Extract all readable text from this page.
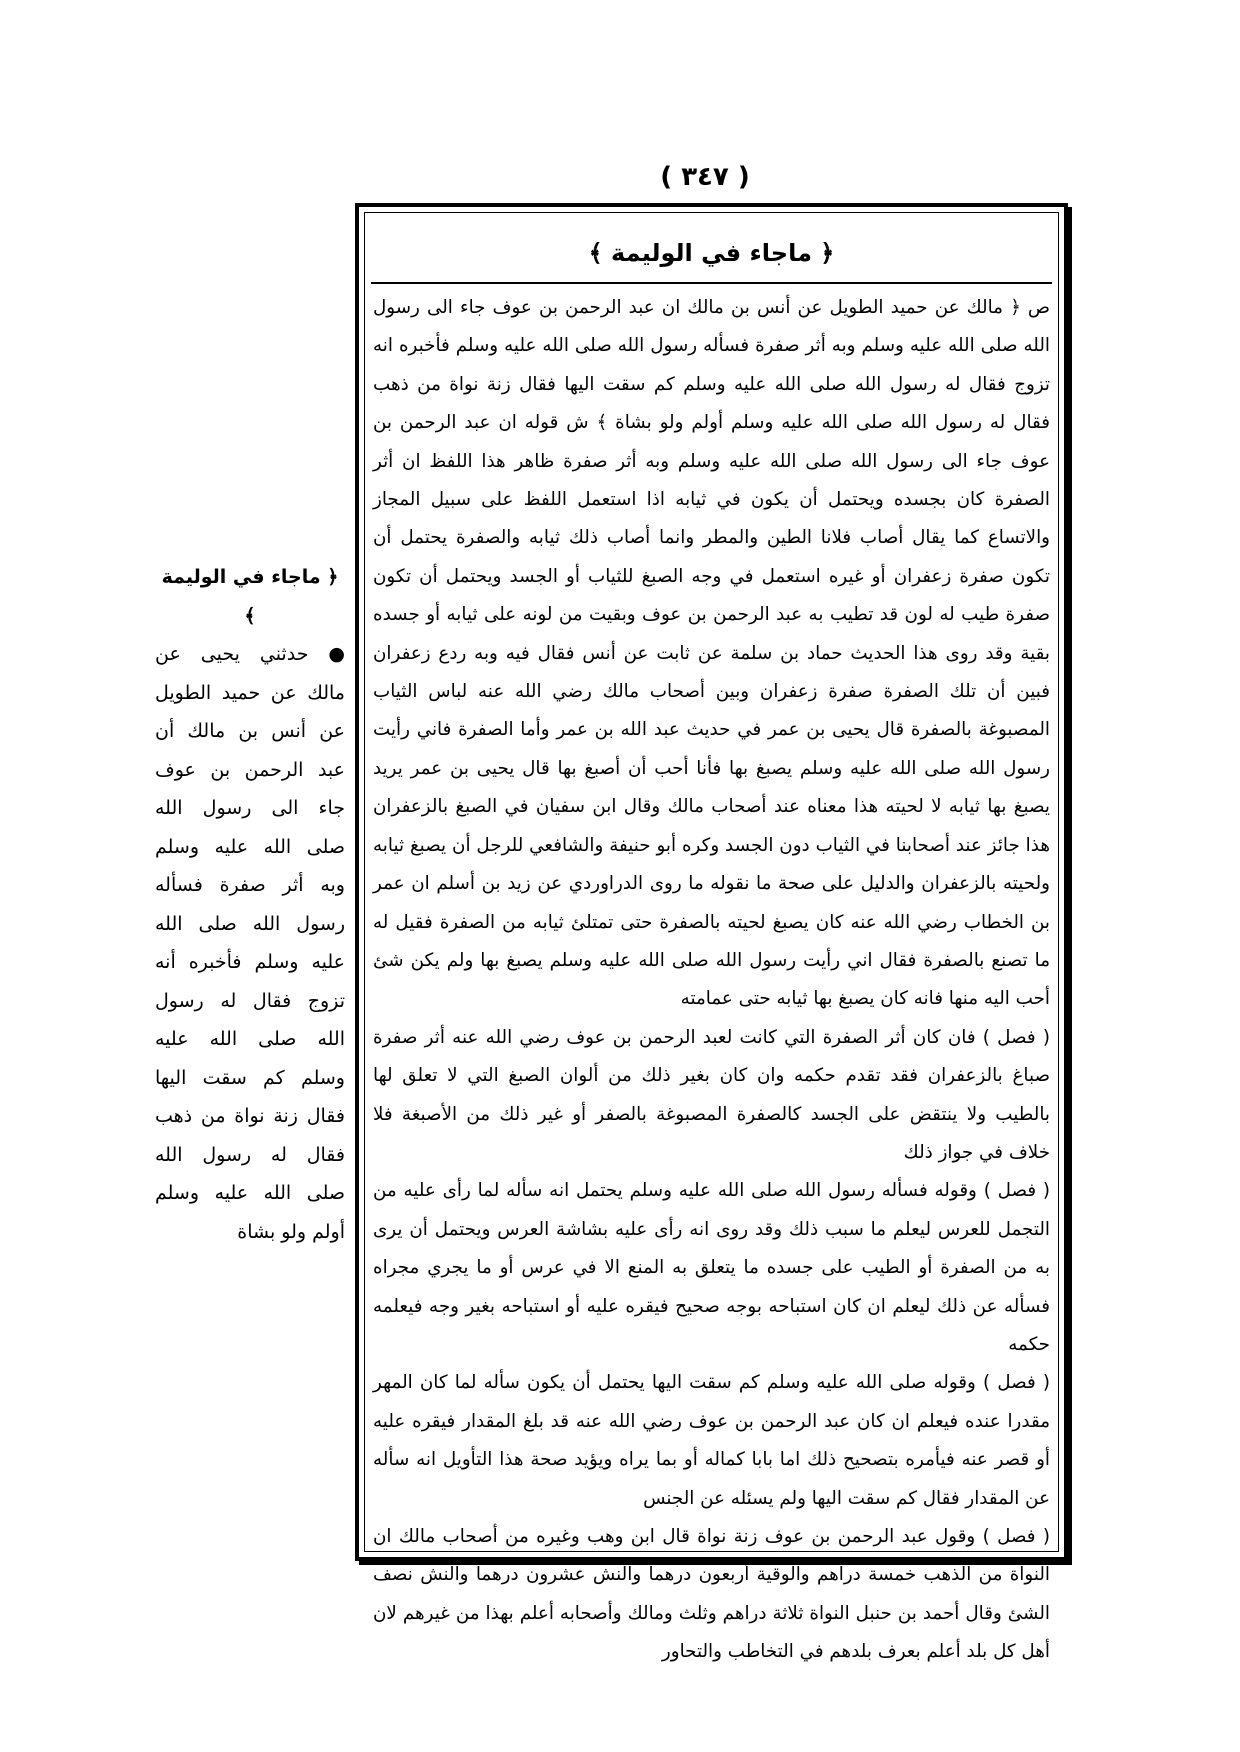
( ٣٤٧ )
﴿ ماجاء في الوليمة ﴾

● حدثني يحيى عن مالك عن حميد الطويل عن أنس بن مالك أن عبد الرحمن بن عوف جاء الى رسول الله صلى الله عليه وسلم وبه أثر صفرة فسأله رسول الله صلى الله عليه وسلم فأخبره أنه تزوج فقال له رسول الله صلى الله عليه وسلم كم سقت اليها فقال زنة نواة من ذهب فقال له رسول الله صلى الله عليه وسلم أولم ولو بشاة

﴿ ماجاء في الوليمة ﴾

ص ﴿ مالك عن حميد الطويل عن أنس بن مالك ان عبد الرحمن بن عوف جاء الى رسول الله صلى الله عليه وسلم وبه أثر صفرة فسأله رسول الله صلى الله عليه وسلم فأخبره انه تزوج فقال له رسول الله صلى الله عليه وسلم كم سقت اليها فقال زنة نواة من ذهب فقال له رسول الله صلى الله عليه وسلم أولم ولو بشاة ﴾ ش قوله ان عبد الرحمن بن عوف جاء الى رسول الله صلى الله عليه وسلم وبه أثر صفرة ظاهر هذا اللفظ ان أثر الصفرة كان بجسده ويحتمل أن يكون في ثيابه اذا استعمل اللفظ على سبيل المجاز والاتساع كما يقال أصاب فلانا الطين والمطر وانما أصاب ذلك ثيابه والصفرة يحتمل أن تكون صفرة زعفران أو غيره استعمل في وجه الصبغ للثياب أو الجسد ويحتمل أن تكون صفرة طيب له لون قد تطيب به عبد الرحمن بن عوف وبقيت من لونه على ثيابه أو جسده بقية وقد روى هذا الحديث حماد بن سلمة عن ثابت عن أنس فقال فيه وبه ردع زعفران فبين أن تلك الصفرة صفرة زعفران وبين أصحاب مالك رضي الله عنه لباس الثياب المصبوغة بالصفرة قال يحيى بن عمر في حديث عبد الله بن عمر وأما الصفرة فاني رأيت رسول الله صلى الله عليه وسلم يصبغ بها فأنا أحب أن أصبغ بها قال يحيى بن عمر يريد يصبغ بها ثيابه لا لحيته هذا معناه عند أصحاب مالك وقال ابن سفيان في الصبغ بالزعفران هذا جائز عند أصحابنا في الثياب دون الجسد وكره أبو حنيفة والشافعي للرجل أن يصبغ ثيابه ولحيته بالزعفران والدليل على صحة ما نقوله ما روى الدراوردي عن زيد بن أسلم ان عمر بن الخطاب رضي الله عنه كان يصبغ لحيته بالصفرة حتى تمتلئ ثيابه من الصفرة فقيل له ما تصنع بالصفرة فقال اني رأيت رسول الله صلى الله عليه وسلم يصبغ بها ولم يكن شئ أحب اليه منها فانه كان يصبغ بها ثيابه حتى عمامته

( فصل ) فان كان أثر الصفرة التي كانت لعبد الرحمن بن عوف رضي الله عنه أثر صفرة صباغ بالزعفران فقد تقدم حكمه وان كان بغير ذلك من ألوان الصبغ التي لا تعلق لها بالطيب ولا ينتقض على الجسد كالصفرة المصبوغة بالصفر أو غير ذلك من الأصبغة فلا خلاف في جواز ذلك

( فصل ) وقوله فسأله رسول الله صلى الله عليه وسلم يحتمل انه سأله لما رأى عليه من التجمل للعرس ليعلم ما سبب ذلك وقد روى انه رأى عليه بشاشة العرس ويحتمل أن يرى به من الصفرة أو الطيب على جسده ما يتعلق به المنع الا في عرس أو ما يجري مجراه فسأله عن ذلك ليعلم ان كان استباحه بوجه صحيح فيقره عليه أو استباحه بغير وجه فيعلمه حكمه

( فصل ) وقوله صلى الله عليه وسلم كم سقت اليها يحتمل أن يكون سأله لما كان المهر مقدرا عنده فيعلم ان كان عبد الرحمن بن عوف رضي الله عنه قد بلغ المقدار فيقره عليه أو قصر عنه فيأمره بتصحيح ذلك اما بابا كماله أو بما يراه ويؤيد صحة هذا التأويل انه سأله عن المقدار فقال كم سقت اليها ولم يسئله عن الجنس

( فصل ) وقول عبد الرحمن بن عوف زنة نواة قال ابن وهب وغيره من أصحاب مالك ان النواة من الذهب خمسة دراهم والوقية أربعون درهما والنش عشرون درهما والنش نصف الشئ وقال أحمد بن حنبل النواة ثلاثة دراهم وثلث ومالك وأصحابه أعلم بهذا من غيرهم لان أهل كل بلد أعلم بعرف بلدهم في التخاطب والتحاور
